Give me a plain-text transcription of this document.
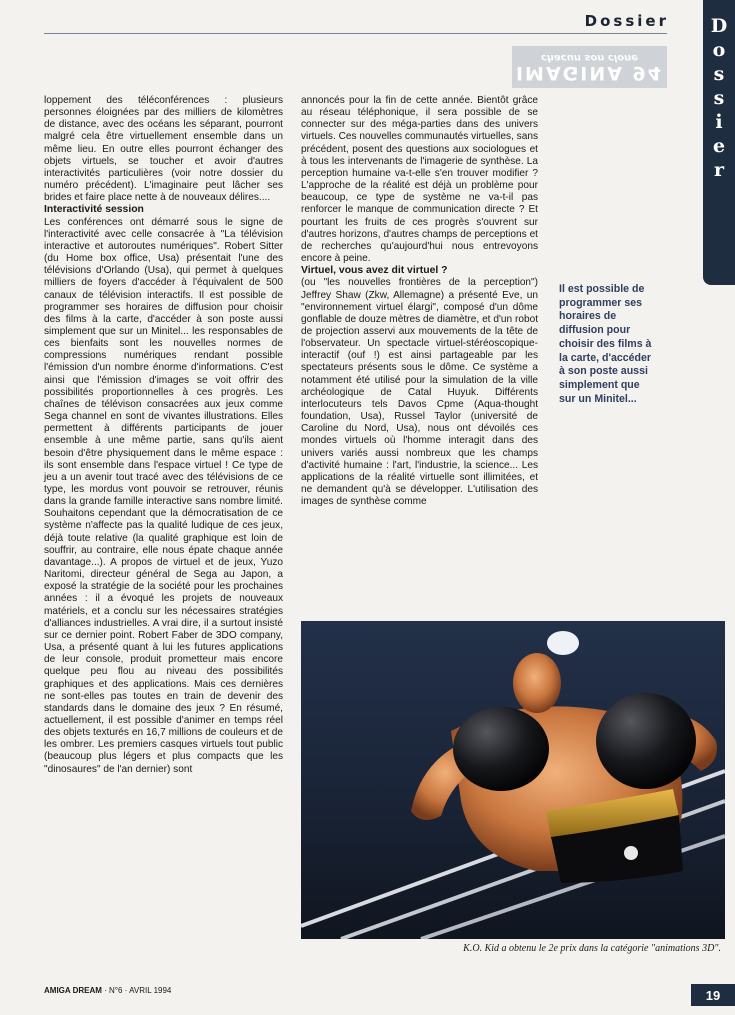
Dossier D
o
s
s
i
e
r
IMAGINA 94
chacun son clone

loppement des téléconférences : plusieurs personnes éloignées par des milliers de kilomètres de distance, avec des océans les séparant, pourront malgré cela être virtuellement ensemble dans un même lieu. En outre elles pourront échanger des objets virtuels, se toucher et avoir d'autres interactivités particulières (voir notre dossier du numéro précédent). L'imaginaire peut lâcher ses brides et faire place nette à de nouveaux délires....

Interactivité session

Les conférences ont démarré sous le signe de l'interactivité avec celle consacrée à "La télévision interactive et autoroutes numériques". Robert Sitter (du Home box office, Usa) présentait l'une des télévisions d'Orlando (Usa), qui permet à quelques milliers de foyers d'accéder à l'équivalent de 500 canaux de télévision interactifs. Il est possible de programmer ses horaires de diffusion pour choisir des films à la carte, d'accéder à son poste aussi simplement que sur un Minitel... les responsables de ces bienfaits sont les nouvelles normes de compressions numériques rendant possible l'émission d'un nombre énorme d'informations. C'est ainsi que l'émission d'images se voit offrir des possibilités proportionnelles à ces progrès. Les chaînes de télévison consacrées aux jeux comme Sega channel en sont de vivantes illustrations. Elles permettent à différents participants de jouer ensemble à une même partie, sans qu'ils aient besoin d'être physiquement dans le même espace : ils sont ensemble dans l'espace virtuel ! Ce type de jeu a un avenir tout tracé avec des télévisions de ce type, les mordus vont pouvoir se retrouver, réunis dans la grande famille interactive sans nombre limité. Souhaitons cependant que la démocratisation de ce système n'affecte pas la qualité ludique de ces jeux, déjà toute relative (la qualité graphique est loin de souffrir, au contraire, elle nous épate chaque année davantage...). A propos de virtuel et de jeux, Yuzo Naritomi, directeur général de Sega au Japon, a exposé la stratégie de la société pour les prochaines années : il a évoqué les projets de nouveaux matériels, et a conclu sur les nécessaires stratégies d'alliances industrielles. A vrai dire, il a surtout insisté sur ce dernier point. Robert Faber de 3DO company, Usa, a présenté quant à lui les futures applications de leur console, produit prometteur mais encore quelque peu flou au niveau des possibilités graphiques et des applications. Mais ces dernières ne sont-elles pas toutes en train de devenir des standards dans le domaine des jeux ? En résumé, actuellement, il est possible d'animer en temps réel des objets texturés en 16,7 millions de couleurs et de les ombrer. Les premiers casques virtuels tout public (beaucoup plus légers et plus compacts que les "dinosaures" de l'an dernier) sont

annoncés pour la fin de cette année. Bientôt grâce au réseau téléphonique, il sera possible de se connecter sur des méga-parties dans des univers virtuels. Ces nouvelles communautés virtuelles, sans précédent, posent des questions aux sociologues et à tous les intervenants de l'imagerie de synthèse. La perception humaine va-t-elle s'en trouver modifier ? L'approche de la réalité est déjà un problème pour beaucoup, ce type de système ne va-t-il pas renforcer le manque de communication directe ? Et pourtant les fruits de ces progrès s'ouvrent sur d'autres horizons, d'autres champs de perceptions et de recherches qu'aujourd'hui nous entrevoyons encore à peine.

Virtuel, vous avez dit virtuel ?

(ou "les nouvelles frontières de la perception") Jeffrey Shaw (Zkw, Allemagne) a présenté Eve, un "environnement virtuel élargi", composé d'un dôme gonflable de douze mètres de diamètre, et d'un robot de projection asservi aux mouvements de la tête de l'observateur. Un spectacle virtuel-stéréoscopique-interactif (ouf !) est ainsi partageable par les spectateurs présents sous le dôme. Ce système a notamment été utilisé pour la simulation de la ville archéologique de Catal Huyuk. Différents interlocuteurs tels Davos Cpme (Aqua-thought foundation, Usa), Russel Taylor (université de Caroline du Nord, Usa), nous ont dévoilés ces mondes virtuels où l'homme interagit dans des univers variés aussi nombreux que les champs d'activité humaine : l'art, l'industrie, la science... Les applications de la réalité virtuelle sont illimitées, et ne demandent qu'à se développer. L'utilisation des images de synthèse comme

Il est possible de programmer ses horaires de diffusion pour choisir des films à la carte, d'accéder à son poste aussi simplement que sur un Minitel...
K.O. Kid a obtenu le 2e prix dans la catégorie "animations 3D".
AMIGA DREAM · N°6 · AVRIL 1994	19
